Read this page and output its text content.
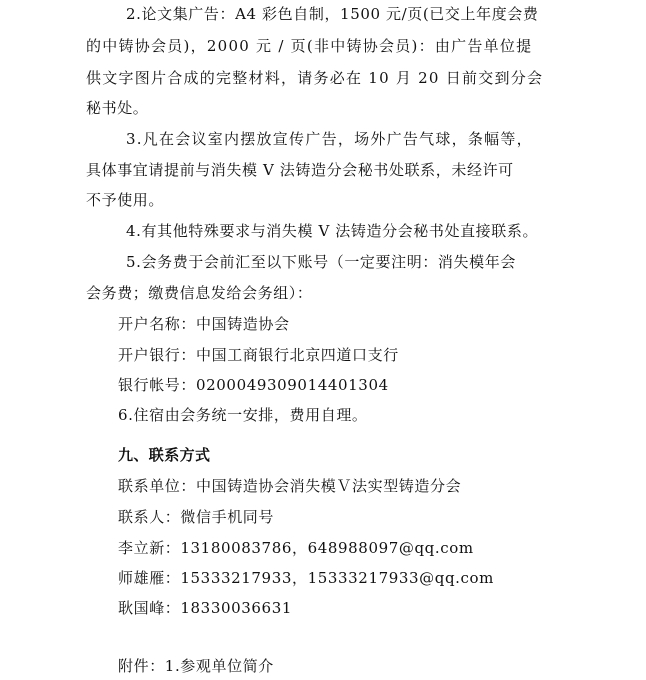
2.论文集广告：A4 彩色自制，1500 元/页(已交上年度会费
的中铸协会员)，2000 元 / 页(非中铸协会员)：由广告单位提
供文字图片合成的完整材料，请务必在 10 月 20 日前交到分会
秘书处。
3.凡在会议室内摆放宣传广告，场外广告气球，条幅等，
具体事宜请提前与消失模 V 法铸造分会秘书处联系，未经许可
不予使用。
4.有其他特殊要求与消失模 V 法铸造分会秘书处直接联系。
5.会务费于会前汇至以下账号（一定要注明：消失模年会
会务费；缴费信息发给会务组）：
开户名称：中国铸造协会
开户银行：中国工商银行北京四道口支行
银行帐号：0200049309014401304
6.住宿由会务统一安排，费用自理。
九、联系方式
联系单位：中国铸造协会消失模Ｖ法实型铸造分会
联系人：微信手机同号
李立新：13180083786，648988097@qq.com
师雄雁：15333217933，15333217933@qq.com
耿国峰：18330036631
附件：1.参观单位简介
